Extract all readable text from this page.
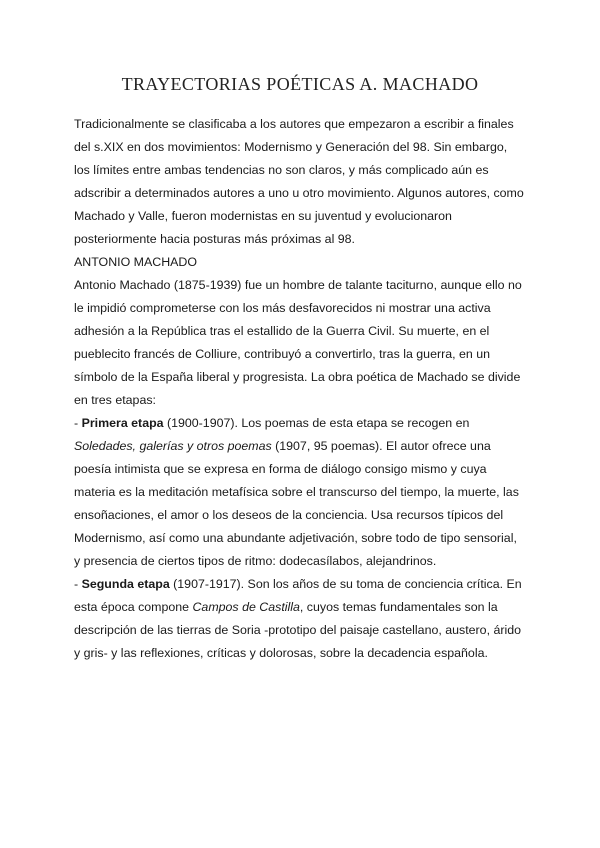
TRAYECTORIAS POÉTICAS A. MACHADO

Tradicionalmente se clasificaba a los autores que empezaron a escribir a finales del s.XIX en dos movimientos: Modernismo y Generación del 98. Sin embargo, los límites entre ambas tendencias no son claros, y más complicado aún es adscribir a determinados autores a uno u otro movimiento. Algunos autores, como Machado y Valle, fueron modernistas en su juventud y evolucionaron posteriormente hacia posturas más próximas al 98.

ANTONIO MACHADO

Antonio Machado (1875-1939) fue un hombre de talante taciturno, aunque ello no le impidió comprometerse con los más desfavorecidos ni mostrar una activa adhesión a la República tras el estallido de la Guerra Civil. Su muerte, en el pueblecito francés de Colliure, contribuyó a convertirlo, tras la guerra, en un símbolo de la España liberal y progresista. La obra poética de Machado se divide en tres etapas:

- Primera etapa (1900-1907). Los poemas de esta etapa se recogen en Soledades, galerías y otros poemas (1907, 95 poemas). El autor ofrece una poesía intimista que se expresa en forma de diálogo consigo mismo y cuya materia es la meditación metafísica sobre el transcurso del tiempo, la muerte, las ensoñaciones, el amor o los deseos de la conciencia. Usa recursos típicos del Modernismo, así como una abundante adjetivación, sobre todo de tipo sensorial, y presencia de ciertos tipos de ritmo: dodecasílabos, alejandrinos.

- Segunda etapa (1907-1917). Son los años de su toma de conciencia crítica. En esta época compone Campos de Castilla, cuyos temas fundamentales son la descripción de las tierras de Soria -prototipo del paisaje castellano, austero, árido y gris- y las reflexiones, críticas y dolorosas, sobre la decadencia española.
